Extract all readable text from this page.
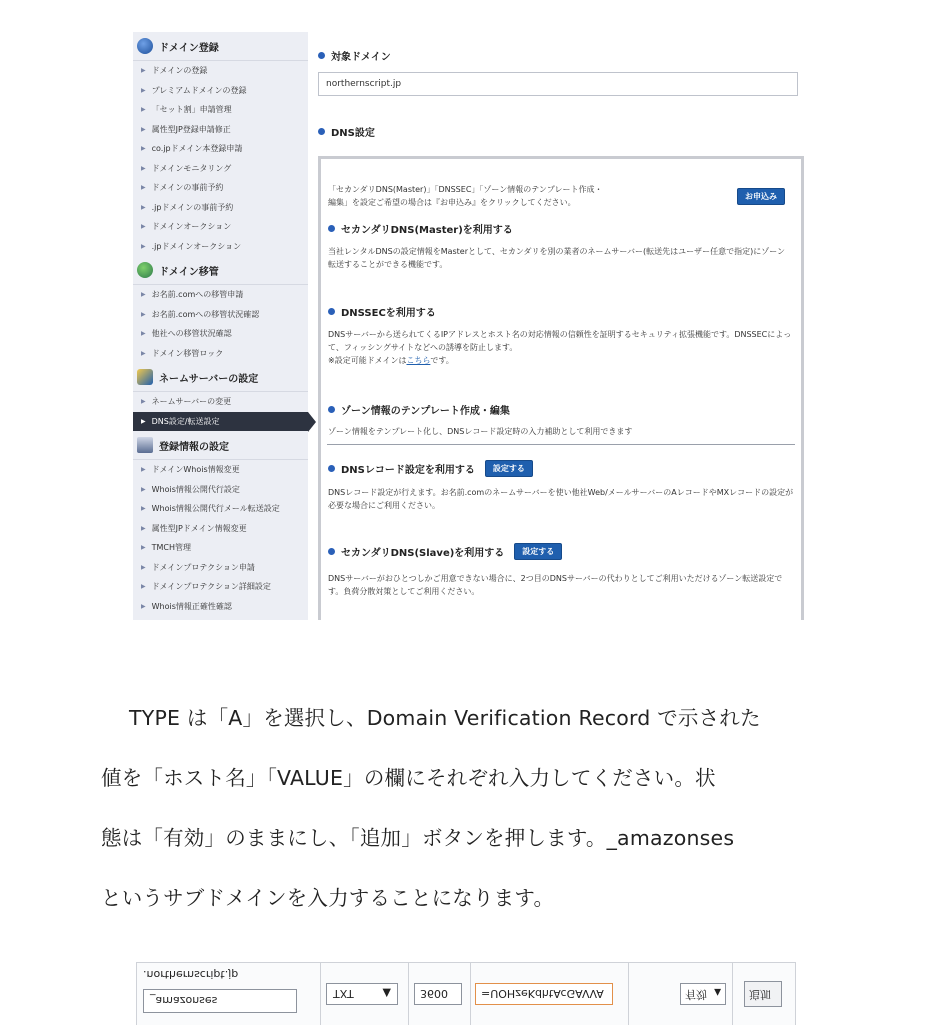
ドメイン登録
▶ ドメインの登録
▶ プレミアムドメインの登録
▶ 「セット割」申請管理
▶ 属性型JP登録申請修正
▶ co.jpドメイン本登録申請
▶ ドメインモニタリング
▶ ドメインの事前予約
▶ .jpドメインの事前予約
▶ ドメインオークション
▶ .jpドメインオークション
ドメイン移管
▶ お名前.comへの移管申請
▶ お名前.comへの移管状況確認
▶ 他社への移管状況確認
▶ ドメイン移管ロック
ネームサーバーの設定
▶ ネームサーバーの変更
▶ DNS設定/転送設定
登録情報の設定
▶ ドメインWhois情報変更
▶ Whois情報公開代行設定
▶ Whois情報公開代行メール転送設定
▶ 属性型JPドメイン情報変更
▶ TMCH管理
▶ ドメインプロテクション申請
▶ ドメインプロテクション詳細設定
▶ Whois情報正確性確認
対象ドメイン
northernscript.jp
DNS設定
「セカンダリDNS(Master)」「DNSSEC」「ゾーン情報のテンプレート作成・
編集」を設定ご希望の場合は『お申込み』をクリックしてください。
お申込み
セカンダリDNS(Master)を利用する
当社レンタルDNSの設定情報をMasterとして、セカンダリを別の業者のネームサーバー(転送先はユーザー任意で指定)にゾーン
転送することができる機能です。
DNSSECを利用する
DNSサーバーから送られてくるIPアドレスとホスト名の対応情報の信頼性を証明するセキュリティ拡張機能です。DNSSECによっ
て、フィッシングサイトなどへの誘導を防止します。
※設定可能ドメインはこちらです。
ゾーン情報のテンプレート作成・編集
ゾーン情報をテンプレート化し、DNSレコード設定時の入力補助として利用できます
DNSレコード設定を利用する	設定する
DNSレコード設定が行えます。お名前.comのネームサーバーを使い他社Web/メールサーバーのAレコードやMXレコードの設定が
必要な場合にご利用ください。
セカンダリDNS(Slave)を利用する	設定する
DNSサーバーがおひとつしかご用意できない場合に、2つ目のDNSサーバーの代わりとしてご利用いただけるゾーン転送設定で
す。負荷分散対策としてご利用ください。

TYPE は「A」を選択し、Domain Verification Record で示された

値を「ホスト名」「VALUE」の欄にそれぞれ入力してください。状

態は「有効」のままにし、「追加」ボタンを押します。_amazonses

というサブドメインを入力することになります。

.northernscript.jp
_amazonses
TXT	▲	3600	=UOHzeKdhtAcGAVVA	有効 ▲	追加
